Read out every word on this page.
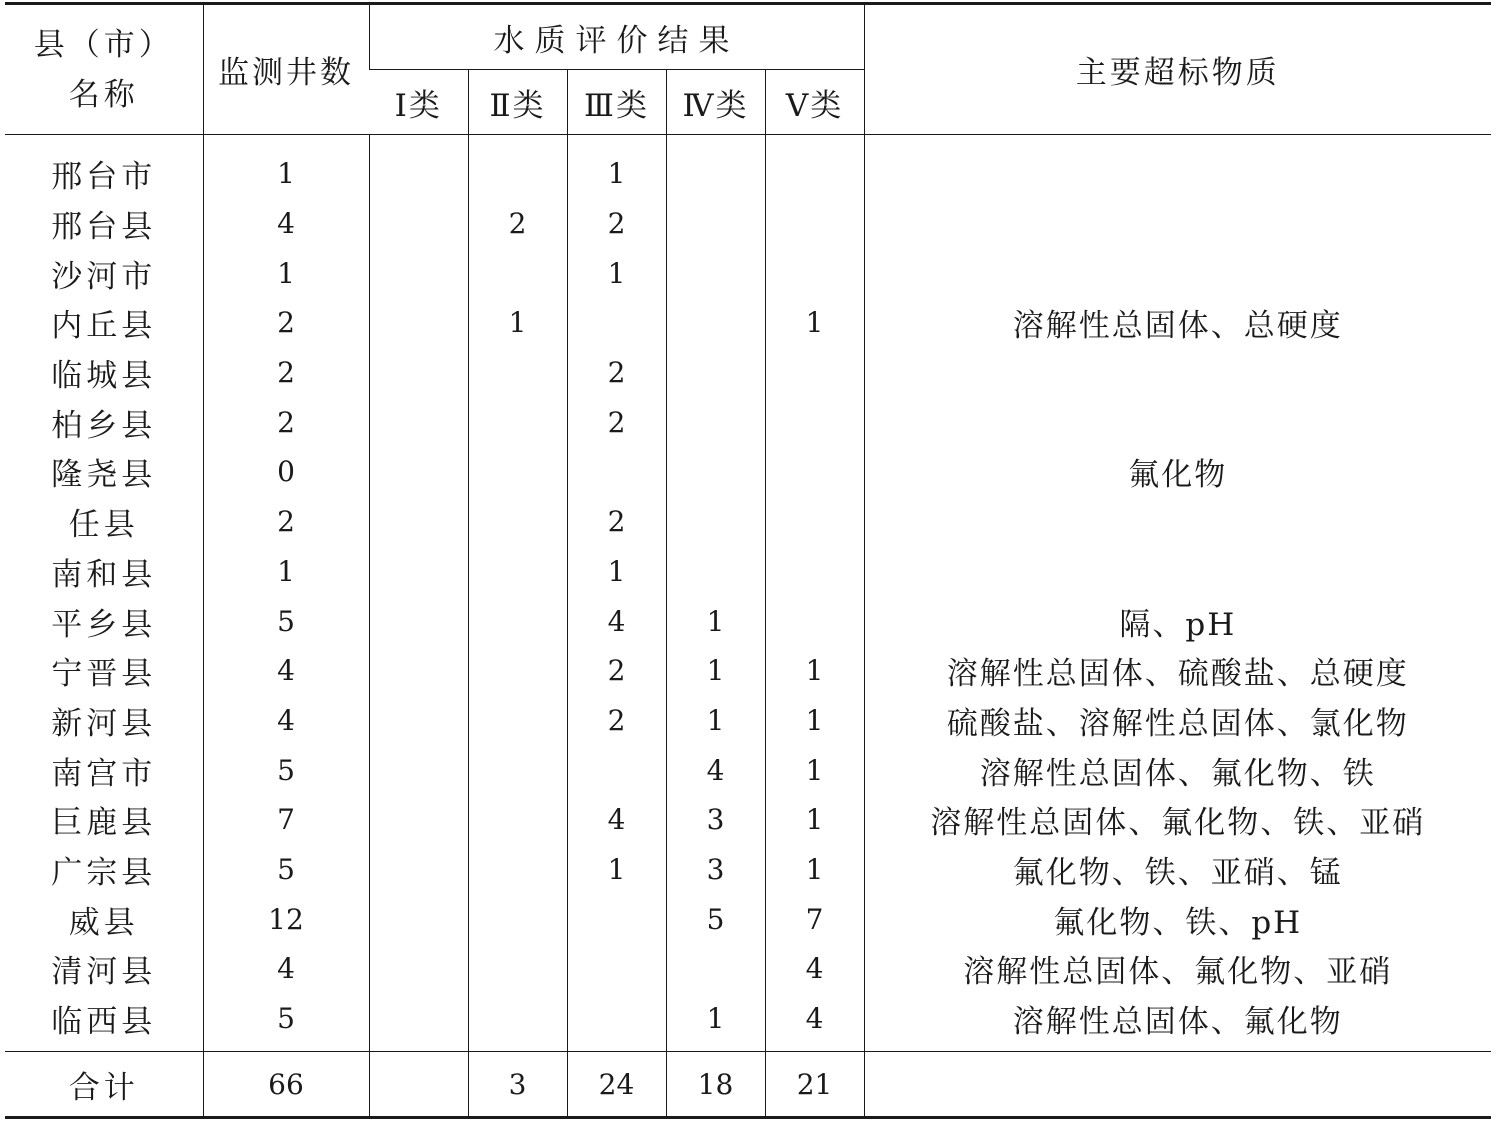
县（市）
名称	监测井数	水质评价结果					主要超标物质
		Ⅰ类	Ⅱ类	Ⅲ类	Ⅳ类	Ⅴ类	
邢台市	1			1			
邢台县	4		2	2			
沙河市	1			1			
内丘县	2		1			1	溶解性总固体、总硬度
临城县	2			2			
柏乡县	2			2			
隆尧县	0						氟化物
任县	2			2			
南和县	1			1			
平乡县	5			4	1		隔、pH
宁晋县	4			2	1	1	溶解性总固体、硫酸盐、总硬度
新河县	4			2	1	1	硫酸盐、溶解性总固体、氯化物
南宫市	5				4	1	溶解性总固体、氟化物、铁
巨鹿县	7			4	3	1	溶解性总固体、氟化物、铁、亚硝
广宗县	5			1	3	1	氟化物、铁、亚硝、锰
威县	12				5	7	氟化物、铁、pH
清河县	4					4	溶解性总固体、氟化物、亚硝
临西县	5				1	4	溶解性总固体、氟化物
合计	66		3	24	18	21	
